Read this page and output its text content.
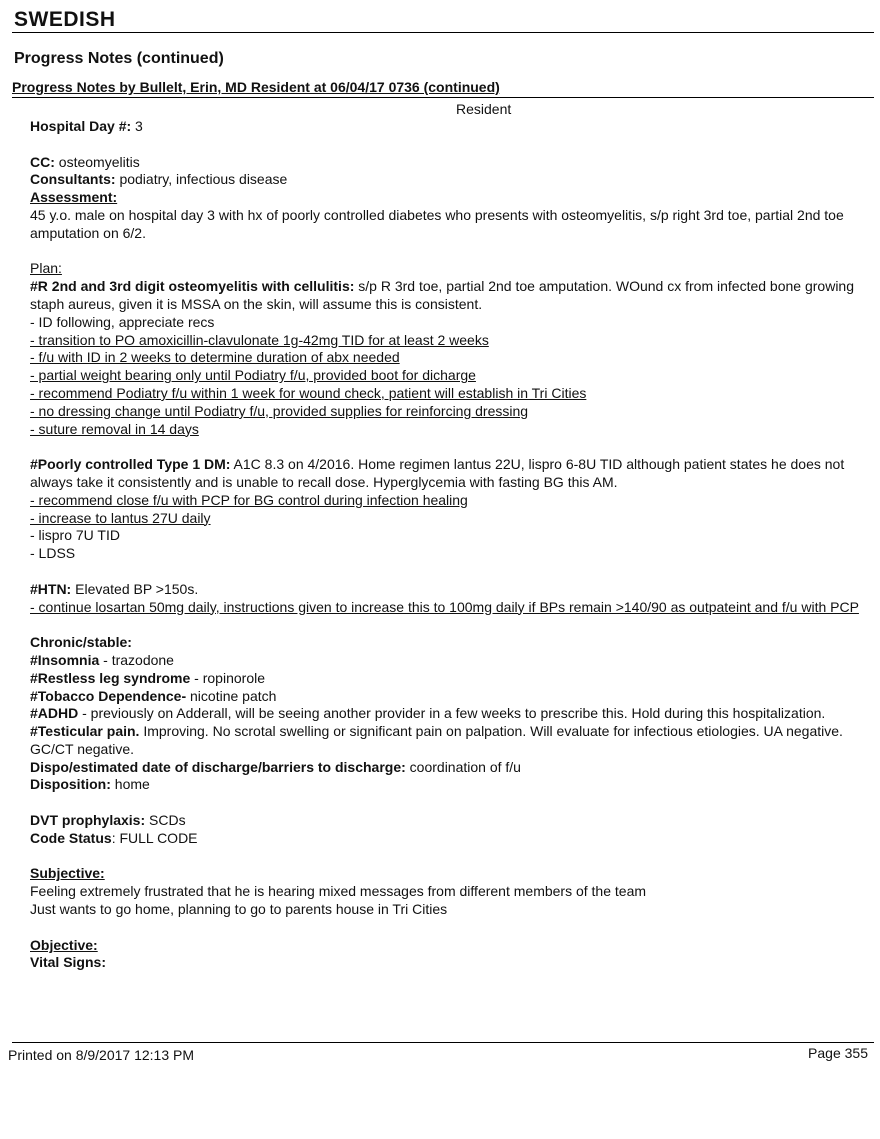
SWEDISH
Progress Notes (continued)
Progress Notes by Bullelt, Erin, MD Resident at 06/04/17 0736 (continued)
Resident

Hospital Day #: 3

CC: osteomyelitis

Consultants: podiatry, infectious disease

Assessment:

45 y.o. male on hospital day 3 with hx of poorly controlled diabetes who presents with osteomyelitis, s/p right 3rd toe, partial 2nd toe amputation on 6/2.

Plan:

#R 2nd and 3rd digit osteomyelitis with cellulitis: s/p R 3rd toe, partial 2nd toe amputation. WOund cx from infected bone growing staph aureus, given it is MSSA on the skin, will assume this is consistent.

- ID following, appreciate recs

- transition to PO amoxicillin-clavulonate 1g-42mg TID for at least 2 weeks

- f/u with ID in 2 weeks to determine duration of abx needed

- partial weight bearing only until Podiatry f/u, provided boot for dicharge

- recommend Podiatry f/u within 1 week for wound check, patient will establish in Tri Cities

- no dressing change until Podiatry f/u, provided supplies for reinforcing dressing

- suture removal in 14 days

#Poorly controlled Type 1 DM: A1C 8.3 on 4/2016. Home regimen lantus 22U, lispro 6-8U TID although patient states he does not always take it consistently and is unable to recall dose. Hyperglycemia with fasting BG this AM.

- recommend close f/u with PCP for BG control during infection healing

- increase to lantus 27U daily

- lispro 7U TID

- LDSS

#HTN: Elevated BP >150s.

- continue losartan 50mg daily, instructions given to increase this to 100mg daily if BPs remain >140/90 as outpateint and f/u with PCP

Chronic/stable:

#Insomnia - trazodone

#Restless leg syndrome - ropinorole

#Tobacco Dependence- nicotine patch

#ADHD - previously on Adderall, will be seeing another provider in a few weeks to prescribe this. Hold during this hospitalization.

#Testicular pain. Improving. No scrotal swelling or significant pain on palpation. Will evaluate for infectious etiologies. UA negative. GC/CT negative.

Dispo/estimated date of discharge/barriers to discharge: coordination of f/u

Disposition: home

DVT prophylaxis: SCDs

Code Status: FULL CODE

Subjective:

Feeling extremely frustrated that he is hearing mixed messages from different members of the team

Just wants to go home, planning to go to parents house in Tri Cities

Objective:

Vital Signs:

Printed on 8/9/2017 12:13 PM	Page 355
